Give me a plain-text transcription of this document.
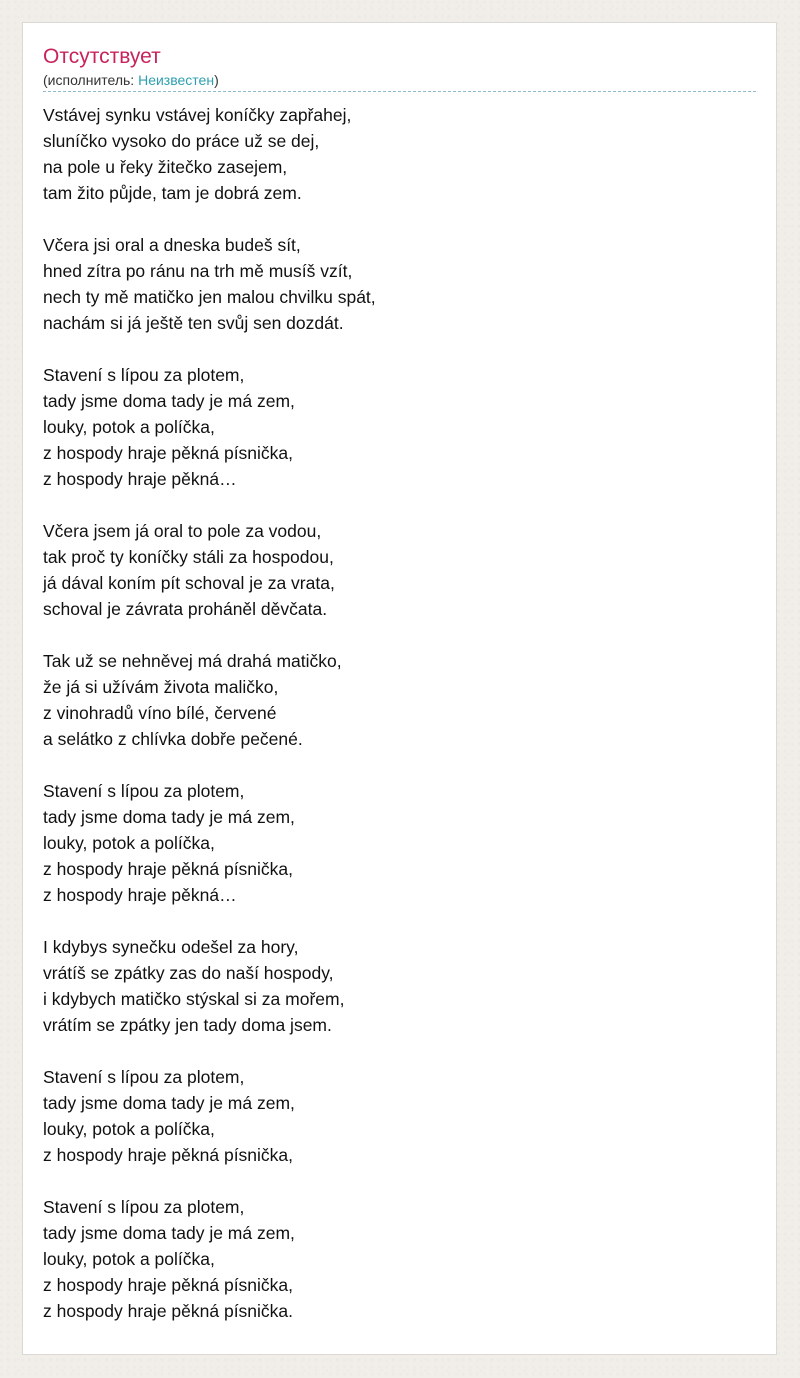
Отсутствует
(исполнитель: Неизвестен)
Vstávej synku vstávej koníčky zapřahej,
sluníčko vysoko do práce už se dej,
na pole u řeky žitečko zasejem,
tam žito půjde, tam je dobrá zem.
Včera jsi oral a dneska budeš sít,
hned zítra po ránu na trh mě musíš vzít,
nech ty mě matičko jen malou chvilku spát,
nachám si já ještě ten svůj sen dozdát.
Stavení s lípou za plotem,
tady jsme doma tady je má zem,
louky, potok a políčka,
z hospody hraje pěkná písnička,
z hospody hraje pěkná…
Včera jsem já oral to pole za vodou,
tak proč ty koníčky stáli za hospodou,
já dával koním pít schoval je za vrata,
schoval je závrata proháněl děvčata.
Tak už se nehněvej má drahá matičko,
že já si užívám života maličko,
z vinohradů víno bílé, červené
a selátko z chlívka dobře pečené.
Stavení s lípou za plotem,
tady jsme doma tady je má zem,
louky, potok a políčka,
z hospody hraje pěkná písnička,
z hospody hraje pěkná…
I kdybys synečku odešel za hory,
vrátíš se zpátky zas do naší hospody,
i kdybych matičko stýskal si za mořem,
vrátím se zpátky jen tady doma jsem.
Stavení s lípou za plotem,
tady jsme doma tady je má zem,
louky, potok a políčka,
z hospody hraje pěkná písnička,
Stavení s lípou za plotem,
tady jsme doma tady je má zem,
louky, potok a políčka,
z hospody hraje pěkná písnička,
z hospody hraje pěkná písnička.
